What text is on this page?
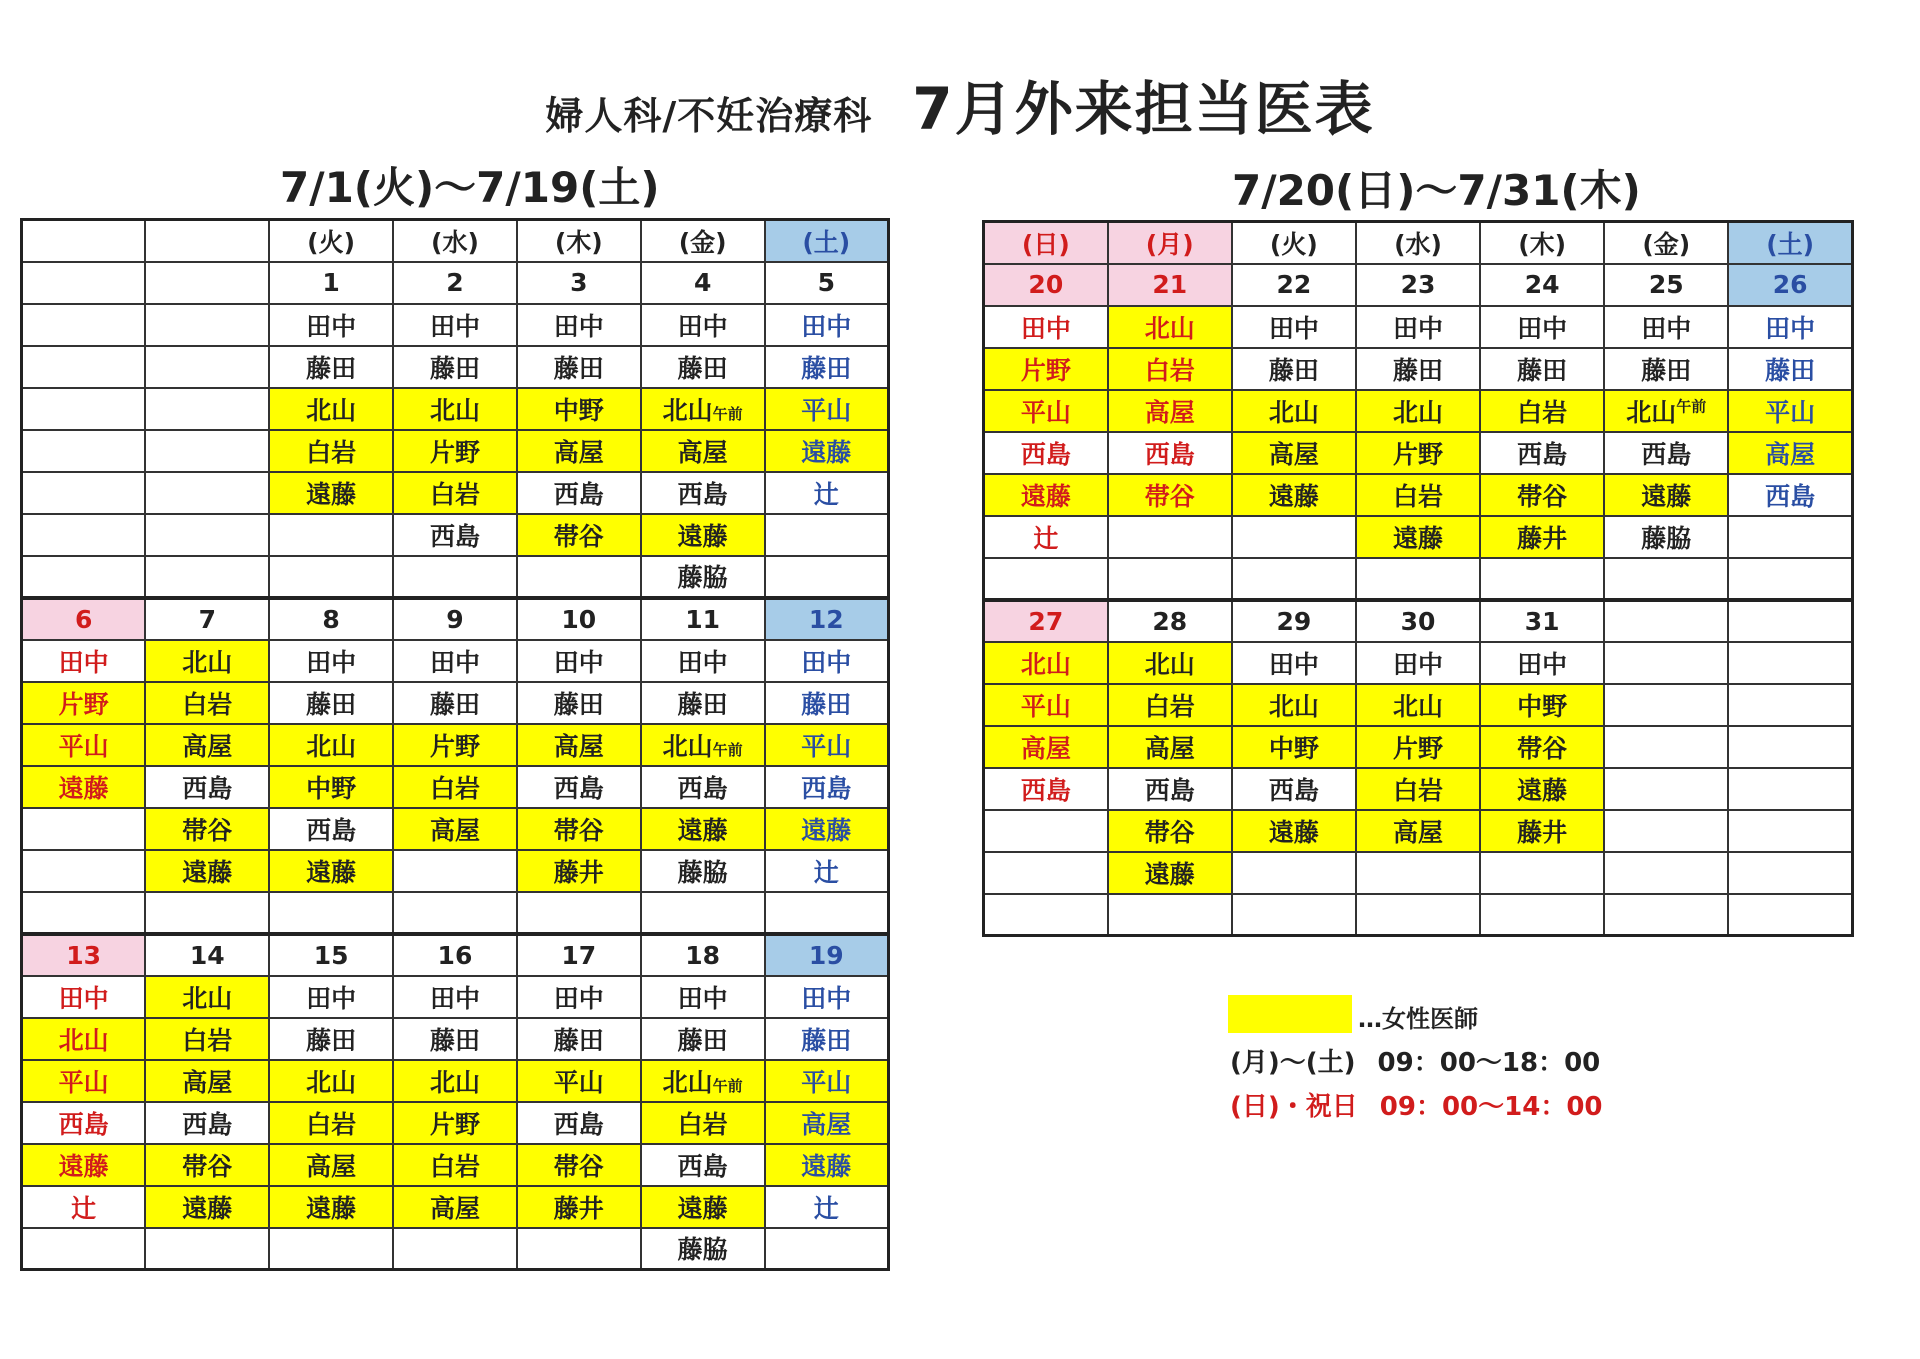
婦人科/不妊治療科 7月外来担当医表
7/1(火)〜7/19(土)	7/20(日)〜7/31(木)
		(火)	(水)	(木)	(金)	(土)
		1	2	3	4	5
		田中	田中	田中	田中	田中
		藤田	藤田	藤田	藤田	藤田
		北山	北山	中野	北山午前	平山
		白岩	片野	高屋	高屋	遠藤
		遠藤	白岩	西島	西島	辻
			西島	帯谷	遠藤	
					藤脇	
6	7	8	9	10	11	12
田中	北山	田中	田中	田中	田中	田中
片野	白岩	藤田	藤田	藤田	藤田	藤田
平山	高屋	北山	片野	高屋	北山午前	平山
遠藤	西島	中野	白岩	西島	西島	西島
	帯谷	西島	高屋	帯谷	遠藤	遠藤
	遠藤	遠藤		藤井	藤脇	辻

13	14	15	16	17	18	19
田中	北山	田中	田中	田中	田中	田中
北山	白岩	藤田	藤田	藤田	藤田	藤田
平山	高屋	北山	北山	平山	北山午前	平山
西島	西島	白岩	片野	西島	白岩	高屋
遠藤	帯谷	高屋	白岩	帯谷	西島	遠藤
辻	遠藤	遠藤	高屋	藤井	遠藤	辻
					藤脇	
(日)	(月)	(火)	(水)	(木)	(金)	(土)
20	21	22	23	24	25	26
田中	北山	田中	田中	田中	田中	田中
片野	白岩	藤田	藤田	藤田	藤田	藤田
平山	高屋	北山	北山	白岩	北山$^{午前}$	平山
西島	西島	高屋	片野	西島	西島	高屋
遠藤	帯谷	遠藤	白岩	帯谷	遠藤	西島
辻			遠藤	藤井	藤脇	

27	28	29	30	31		
北山	北山	田中	田中	田中		
平山	白岩	北山	北山	中野		
高屋	高屋	中野	片野	帯谷		
西島	西島	西島	白岩	遠藤		
	帯谷	遠藤	高屋	藤井		
	遠藤					

…女性医師
(月)〜(土) 09：00〜18：00
(日)・祝日 09：00〜14：00
